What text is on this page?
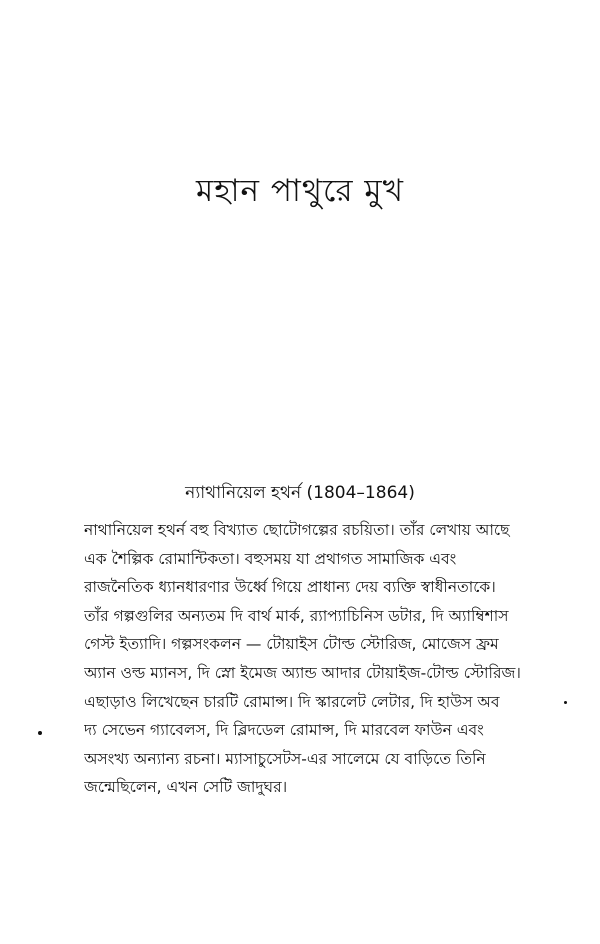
মহান পাথুরে মুখ
ন্যাথানিয়েল হথর্ন (1804–1864)

নাথানিয়েল হথর্ন বহু বিখ্যাত ছোটোগল্পের রচয়িতা। তাঁর লেখায় আছে
এক শৈল্পিক রোমান্টিকতা। বহুসময় যা প্রথাগত সামাজিক এবং
রাজনৈতিক ধ্যানধারণার উর্ধ্বে গিয়ে প্রাধান্য দেয় ব্যক্তি স্বাধীনতাকে।
তাঁর গল্পগুলির অন্যতম দি বার্থ মার্ক, র‍্যাপ্যাচিনিস ডটার, দি অ্যাম্বিশাস
গেস্ট ইত্যাদি। গল্পসংকলন — টোয়াইস টোল্ড স্টোরিজ, মোজেস ফ্রম
অ্যান ওল্ড ম্যানস, দি স্নো ইমেজ অ্যান্ড আদার টোয়াইজ-টোল্ড স্টোরিজ।
এছাড়াও লিখেছেন চারটি রোমান্স। দি স্কারলেট লেটার, দি হাউস অব
দ্য সেভেন গ্যাবেলস, দি ব্লিদডেল রোমান্স, দি মারবেল ফাউন এবং
অসংখ্য অন্যান্য রচনা। ম্যাসাচুসেটস-এর সালেমে যে বাড়িতে তিনি
জন্মেছিলেন, এখন সেটি জাদুঘর।
